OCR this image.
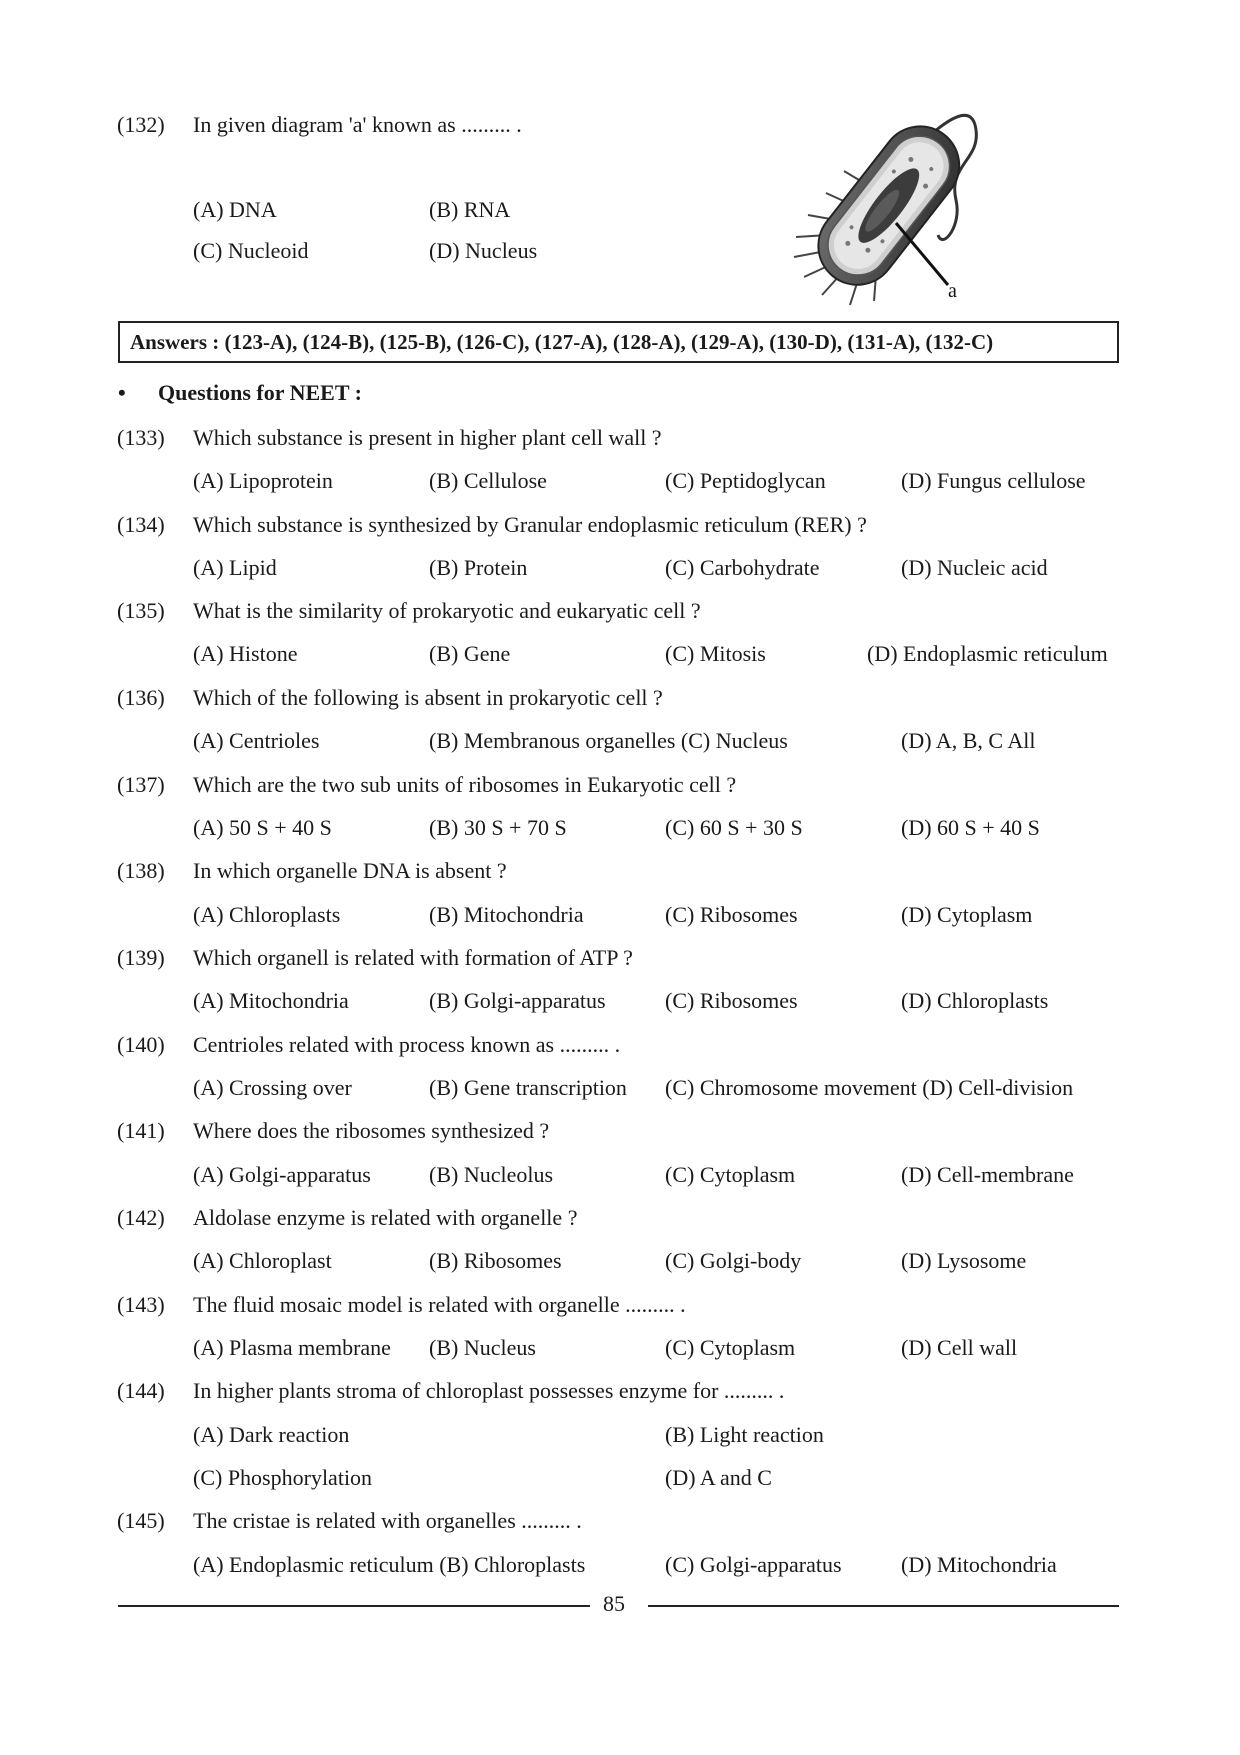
(132) In given diagram 'a' known as ......... .
(A) DNA	(B) RNA
(C) Nucleoid	(D) Nucleus
a
Answers : (123-A), (124-B), (125-B), (126-C), (127-A), (128-A), (129-A), (130-D), (131-A), (132-C)
• Questions for NEET :
(133) Which substance is present in higher plant cell wall ?
(A) Lipoprotein	(B) Cellulose	(C) Peptidoglycan	(D) Fungus cellulose
(134) Which substance is synthesized by Granular endoplasmic reticulum (RER) ?
(A) Lipid	(B) Protein	(C) Carbohydrate	(D) Nucleic acid
(135) What is the similarity of prokaryotic and eukaryatic cell ?
(A) Histone	(B) Gene	(C) Mitosis	(D) Endoplasmic reticulum
(136) Which of the following is absent in prokaryotic cell ?
(A) Centrioles	(B) Membranous organelles (C) Nucleus	(D) A, B, C All
(137) Which are the two sub units of ribosomes in Eukaryotic cell ?
(A) 50 S + 40 S	(B) 30 S + 70 S	(C) 60 S + 30 S	(D) 60 S + 40 S
(138) In which organelle DNA is absent ?
(A) Chloroplasts	(B) Mitochondria	(C) Ribosomes	(D) Cytoplasm
(139) Which organell is related with formation of ATP ?
(A) Mitochondria	(B) Golgi-apparatus	(C) Ribosomes	(D) Chloroplasts
(140) Centrioles related with process known as ......... .
(A) Crossing over	(B) Gene transcription (C) Chromosome movement (D) Cell-division
(141) Where does the ribosomes synthesized ?
(A) Golgi-apparatus	(B) Nucleolus	(C) Cytoplasm	(D) Cell-membrane
(142) Aldolase enzyme is related with organelle ?
(A) Chloroplast	(B) Ribosomes	(C) Golgi-body	(D) Lysosome
(143) The fluid mosaic model is related with organelle ......... .
(A) Plasma membrane (B) Nucleus	(C) Cytoplasm	(D) Cell wall
(144) In higher plants stroma of chloroplast possesses enzyme for ......... .
(A) Dark reaction	(B) Light reaction
(C) Phosphorylation	(D) A and C
(145) The cristae is related with organelles ......... .
(A) Endoplasmic reticulum (B) Chloroplasts	(C) Golgi-apparatus	(D) Mitochondria
85
